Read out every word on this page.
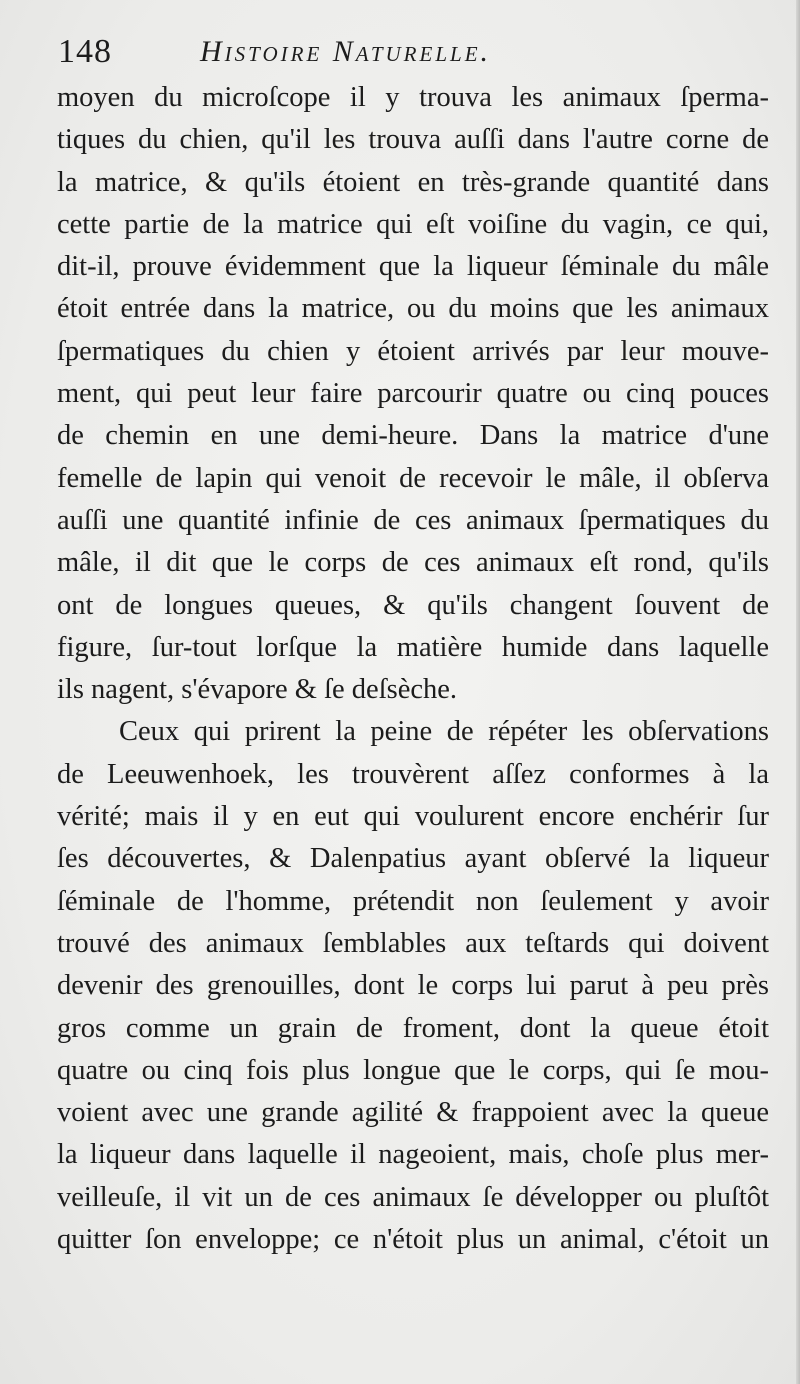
148	Histoire Naturelle.
moyen du microſcope il y trouva les animaux ſperma-
tiques du chien, qu'il les trouva auſſi dans l'autre corne de
la matrice, & qu'ils étoient en très-grande quantité dans
cette partie de la matrice qui eſt voiſine du vagin, ce qui,
dit-il, prouve évidemment que la liqueur ſéminale du mâle
étoit entrée dans la matrice, ou du moins que les animaux
ſpermatiques du chien y étoient arrivés par leur mouve-
ment, qui peut leur faire parcourir quatre ou cinq pouces
de chemin en une demi-heure. Dans la matrice d'une
femelle de lapin qui venoit de recevoir le mâle, il obſerva
auſſi une quantité infinie de ces animaux ſpermatiques du
mâle, il dit que le corps de ces animaux eſt rond, qu'ils
ont de longues queues, & qu'ils changent ſouvent de
figure, ſur-tout lorſque la matière humide dans laquelle
ils nagent, s'évapore & ſe deſsèche.
Ceux qui prirent la peine de répéter les obſervations
de Leeuwenhoek, les trouvèrent aſſez conformes à la
vérité; mais il y en eut qui voulurent encore enchérir ſur
ſes découvertes, & Dalenpatius ayant obſervé la liqueur
ſéminale de l'homme, prétendit non ſeulement y avoir
trouvé des animaux ſemblables aux teſtards qui doivent
devenir des grenouilles, dont le corps lui parut à peu près
gros comme un grain de froment, dont la queue étoit
quatre ou cinq fois plus longue que le corps, qui ſe mou-
voient avec une grande agilité & frappoient avec la queue
la liqueur dans laquelle il nageoient, mais, choſe plus mer-
veilleuſe, il vit un de ces animaux ſe développer ou pluſtôt
quitter ſon enveloppe; ce n'étoit plus un animal, c'étoit un
